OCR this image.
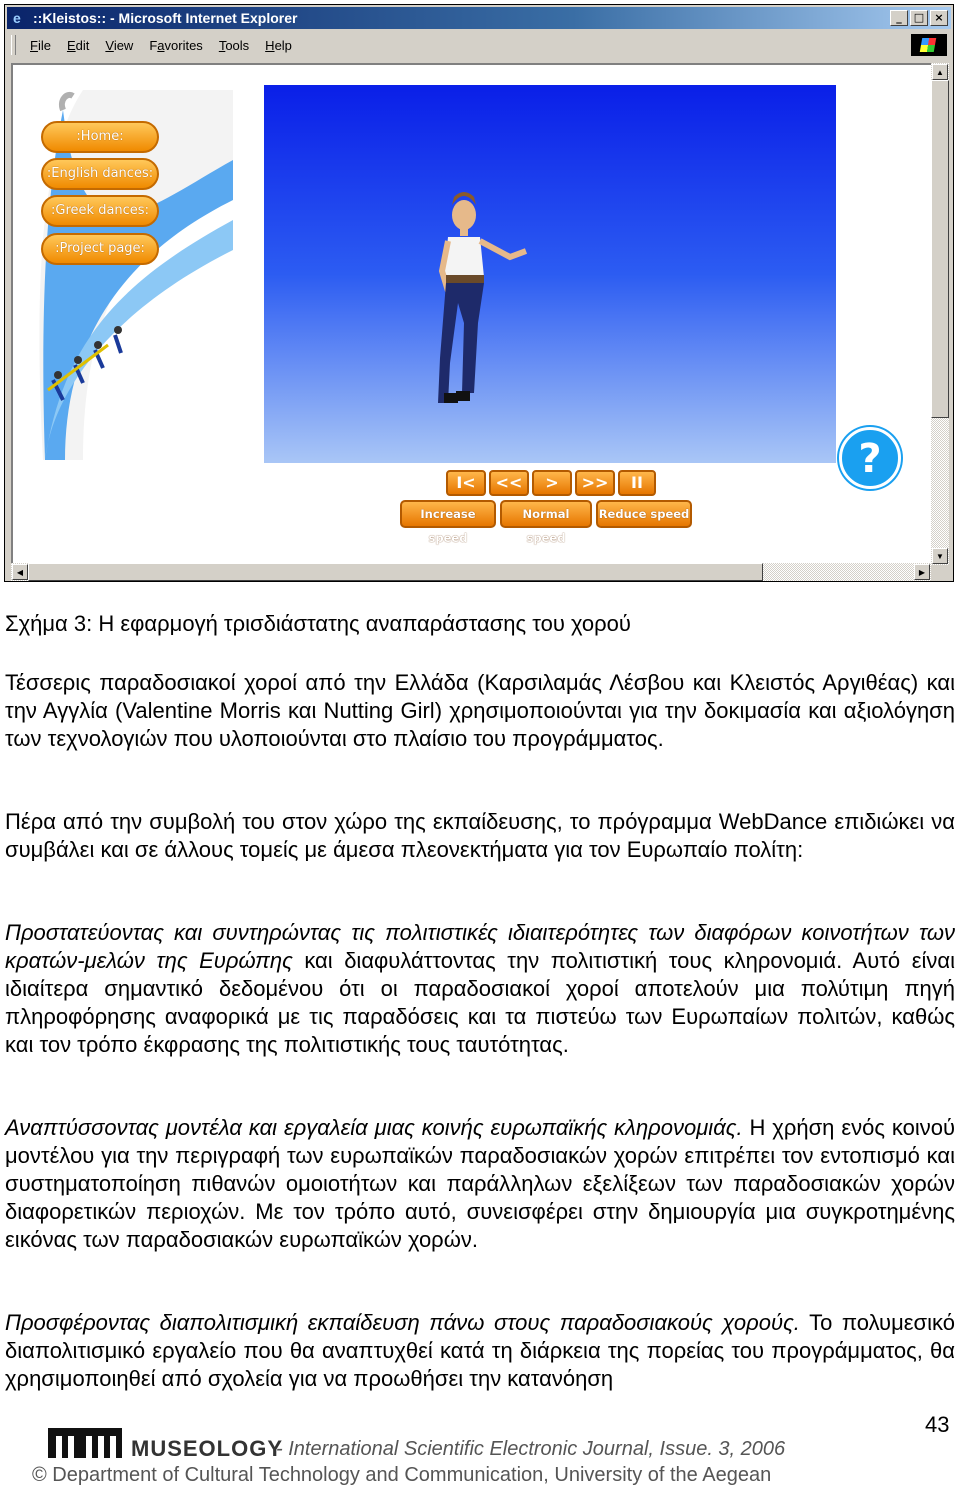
e ::Kleistos:: - Microsoft Internet Explorer	_	□ ×
File	Edit	View	Favorites	Tools	Help
:Home:
:English dances:
:Greek dances:
:Project page:
?
I<	<<	>	>>	II
Increase speed
Normal speed
Reduce speed
▲
▼
◀	▶
Σχήμα 3: Η εφαρμογή τρισδιάστατης αναπαράστασης του χορού

Τέσσερις παραδοσιακοί χοροί από την Ελλάδα (Καρσιλαμάς Λέσβου και Κλειστός Αργιθέας) και την Αγγλία (Valentine Morris και Nutting Girl) χρησιμοποιούνται για την δοκιμασία και αξιολόγηση των τεχνολογιών που υλοποιούνται στο πλαίσιο του προγράμματος.

Πέρα από την συμβολή του στον χώρο της εκπαίδευσης, το πρόγραμμα WebDance επιδιώκει να συμβάλει και σε άλλους τομείς με άμεσα πλεονεκτήματα για τον Ευρωπαίο πολίτη:

Προστατεύοντας και συντηρώντας τις πολιτιστικές ιδιαιτερότητες των διαφόρων κοινοτήτων των κρατών-μελών της Ευρώπης και διαφυλάττοντας την πολιτιστική τους κληρονομιά. Αυτό είναι ιδιαίτερα σημαντικό δεδομένου ότι οι παραδοσιακοί χοροί αποτελούν μια πολύτιμη πηγή πληροφόρησης αναφορικά με τις παραδόσεις και τα πιστεύω των Ευρωπαίων πολιτών, καθώς και τον τρόπο έκφρασης της πολιτιστικής τους ταυτότητας.

Αναπτύσσοντας μοντέλα και εργαλεία μιας κοινής ευρωπαϊκής κληρονομιάς. Η χρήση ενός κοινού μοντέλου για την περιγραφή των ευρωπαϊκών παραδοσιακών χορών επιτρέπει τον εντοπισμό και συστηματοποίηση πιθανών ομοιοτήτων και παράλληλων εξελίξεων των παραδοσιακών χορών διαφορετικών περιοχών. Με τον τρόπο αυτό, συνεισφέρει στην δημιουργία μια συγκροτημένης εικόνας των παραδοσιακών ευρωπαϊκών χορών.

Προσφέροντας διαπολιτισμική εκπαίδευση πάνω στους παραδοσιακούς χορούς. Το πολυμεσικό διαπολιτισμικό εργαλείο που θα αναπτυχθεί κατά τη διάρκεια της πορείας του προγράμματος, θα χρησιμοποιηθεί από σχολεία για να προωθήσει την κατανόηση

43
MUSEOLOGY
- International Scientific Electronic Journal, Issue. 3, 2006
© Department of Cultural Technology and Communication, University of the Aegean
